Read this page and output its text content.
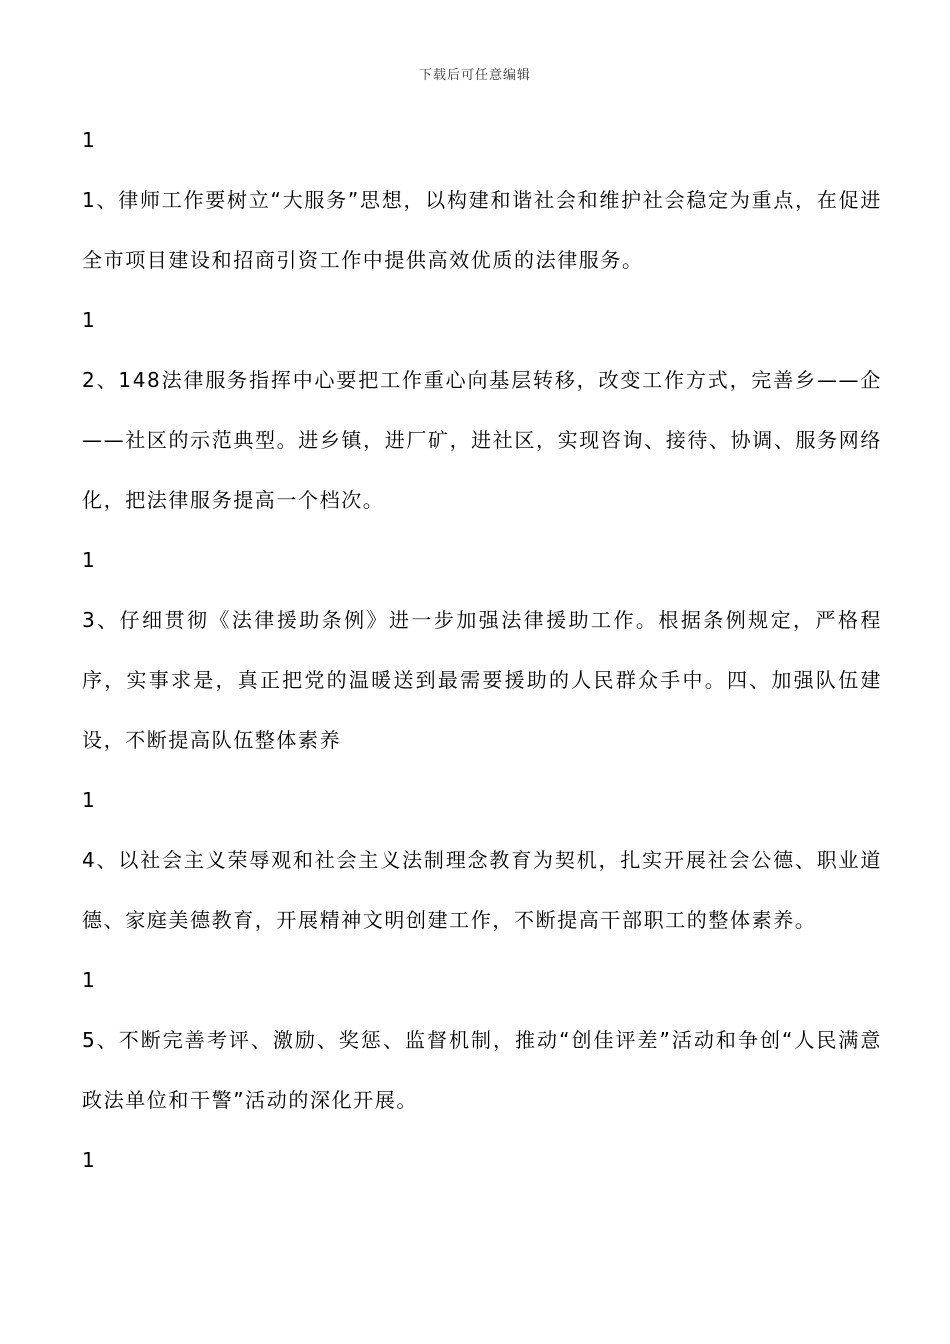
下载后可任意编辑

1

1、律师工作要树立“大服务”思想，以构建和谐社会和维护社会稳定为重点，在促进全市项目建设和招商引资工作中提供高效优质的法律服务。

1

2、148法律服务指挥中心要把工作重心向基层转移，改变工作方式，完善乡——企——社区的示范典型。进乡镇，进厂矿，进社区，实现咨询、接待、协调、服务网络化，把法律服务提高一个档次。

1

3、仔细贯彻《法律援助条例》进一步加强法律援助工作。根据条例规定，严格程序，实事求是，真正把党的温暖送到最需要援助的人民群众手中。四、加强队伍建设，不断提高队伍整体素养

1

4、以社会主义荣辱观和社会主义法制理念教育为契机，扎实开展社会公德、职业道德、家庭美德教育，开展精神文明创建工作，不断提高干部职工的整体素养。

1

5、不断完善考评、激励、奖惩、监督机制，推动“创佳评差”活动和争创“人民满意政法单位和干警”活动的深化开展。

1
